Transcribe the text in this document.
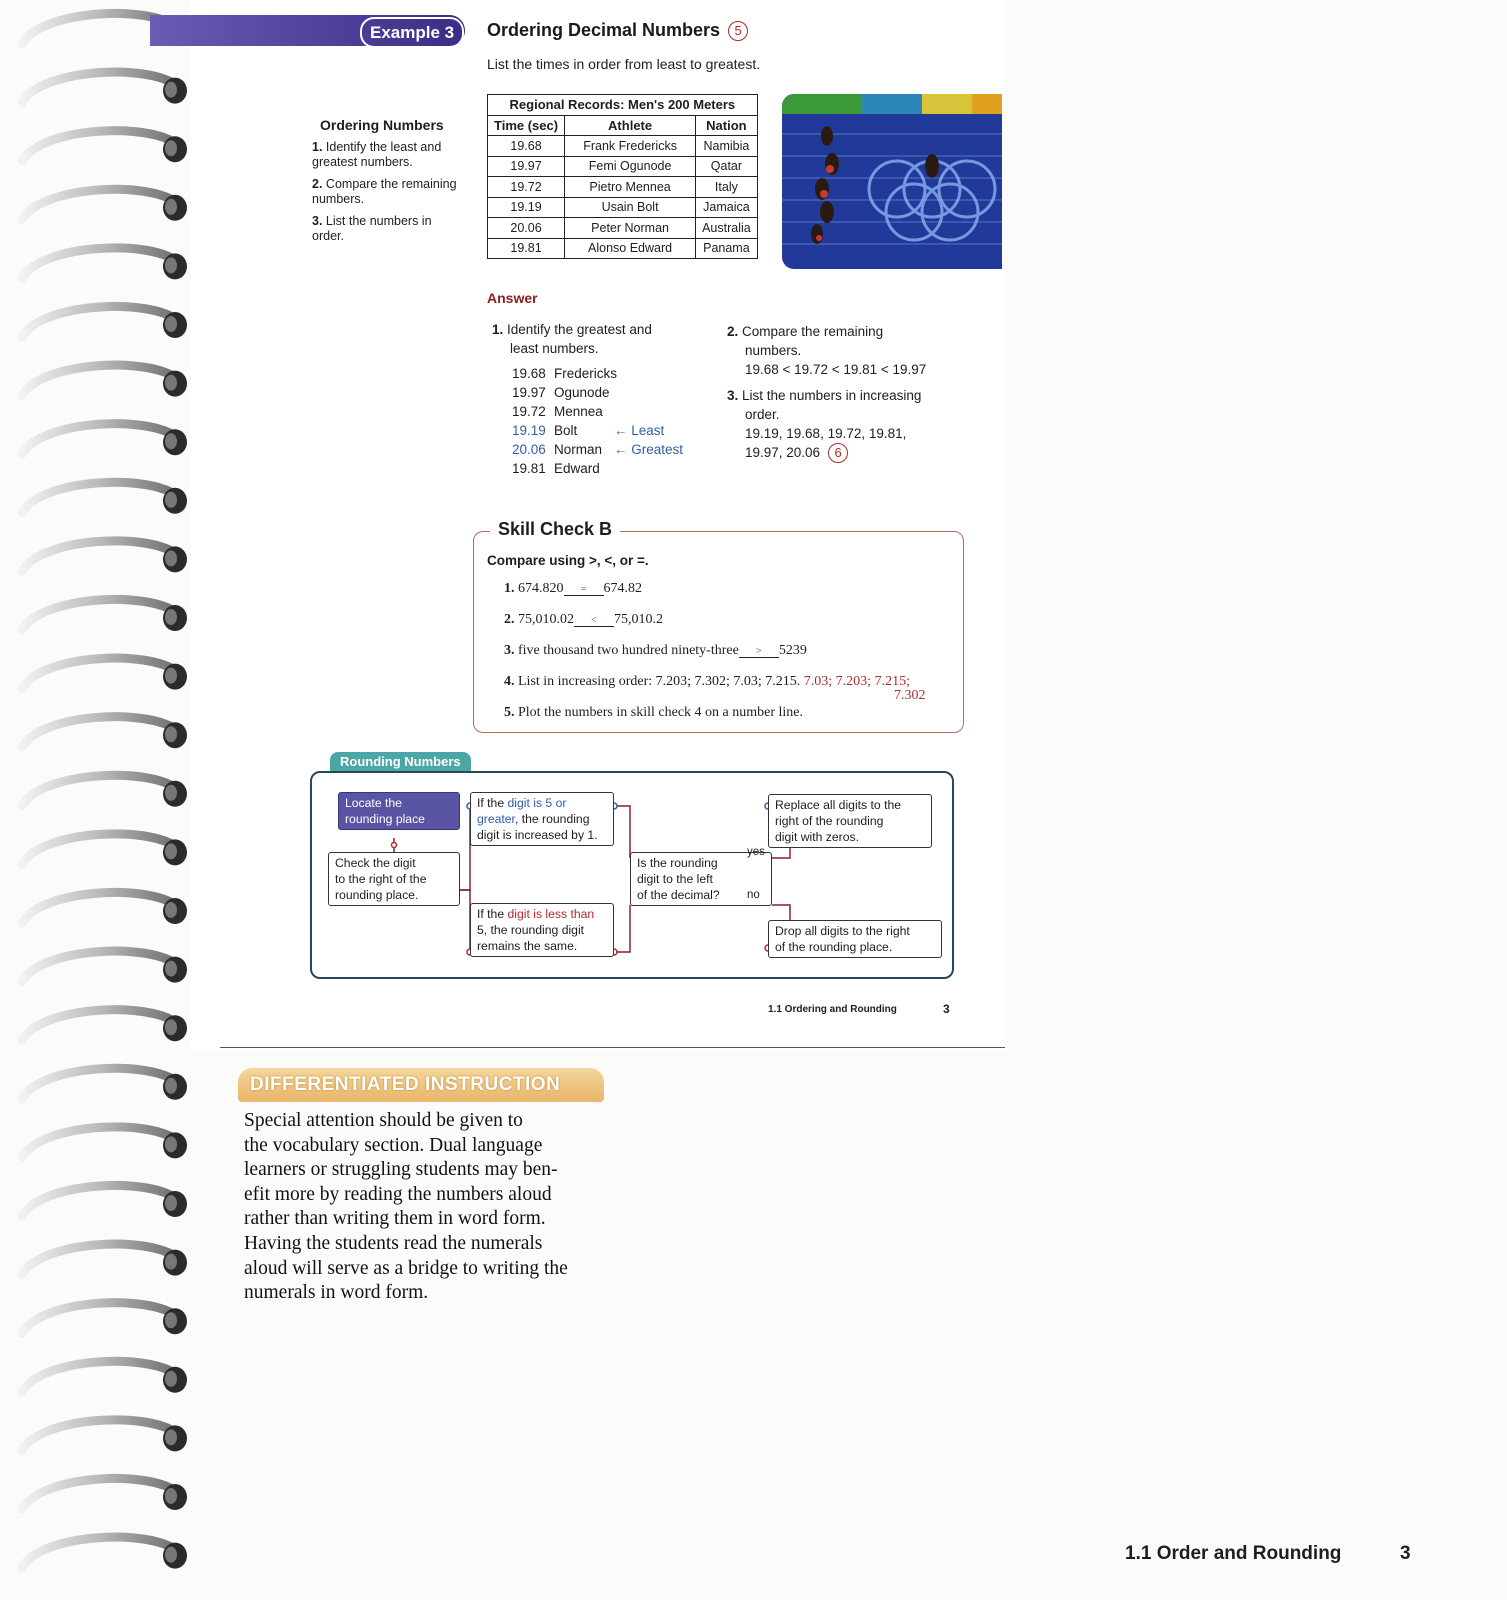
Example 3	Ordering Decimal Numbers 5
List the times in order from least to greatest.
Ordering Numbers
1. Identify the least and greatest numbers.
2. Compare the remaining numbers.
3. List the numbers in order.
Regional Records: Men's 200 Meters		
Time (sec)	Athlete	Nation
19.68	Frank Fredericks	Namibia
19.97	Femi Ogunode	Qatar
19.72	Pietro Mennea	Italy
19.19	Usain Bolt	Jamaica
20.06	Peter Norman	Australia
19.81	Alonso Edward	Panama
Answer
1. Identify the greatest and
least numbers.
19.68 Fredericks
19.97 Ogunode
19.72 Mennea
19.19 Bolt	← Least
20.06 Norman ← Greatest
19.81 Edward
2. Compare the remaining
numbers.
19.68 < 19.72 < 19.81 < 19.97
3. List the numbers in increasing
order.
19.19, 19.68, 19.72, 19.81,
19.97, 20.06 6
Skill Check B
Compare using >, <, or =.
1. 674.820 = 674.82
2. 75,010.02 < 75,010.2
3. five thousand two hundred ninety-three > 5239
4. List in increasing order: 7.203; 7.302; 7.03; 7.215. 7.03; 7.203; 7.215;
7.302
5. Plot the numbers in skill check 4 on a number line.
Rounding Numbers
Locate the
rounding place
Check the digit
to the right of the
rounding place.
If the digit is 5 or greater, the rounding digit is increased by 1.
If the digit is less than 5, the rounding digit remains the same.
Is the rounding
digit to the left
of the decimal?
yes
no
Replace all digits to the
right of the rounding
digit with zeros.
Drop all digits to the right
of the rounding place.
1.1 Ordering and Rounding	3
DIFFERENTIATED INSTRUCTION
Special attention should be given to
the vocabulary section. Dual language
learners or struggling students may ben-
efit more by reading the numbers aloud
rather than writing them in word form.
Having the students read the numerals
aloud will serve as a bridge to writing the
numerals in word form.
1.1 Order and Rounding	3
